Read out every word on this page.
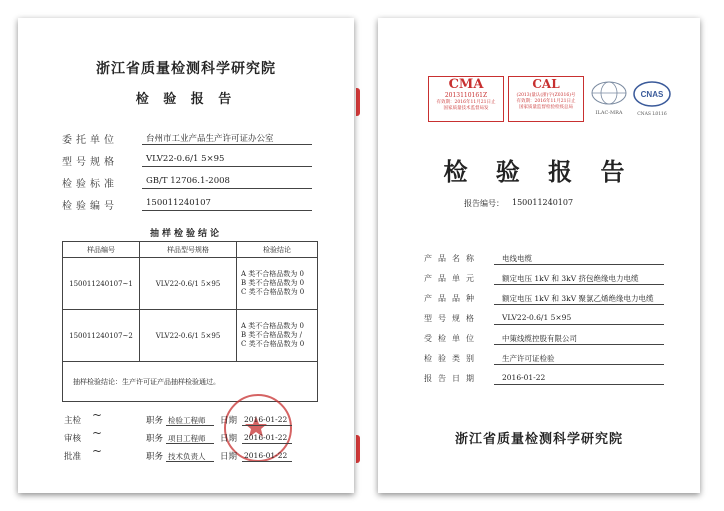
浙江省质量检测科学研究院
检 验 报 告
委托单位	台州市工业产品生产许可证办公室
型号规格	VLV22-0.6/1 5×95
检验标准	GB/T 12706.1-2008
检验编号	150011240107
抽样检验结论
样品编号	样品型号规格	检验结论
150011240107~1	VLV22-0.6/1 5×95	A 类不合格品数为 0
B 类不合格品数为 0
C 类不合格品数为 0

150011240107~2	VLV22-0.6/1 5×95	A 类不合格品数为 0
B 类不合格品数为 /
C 类不合格品数为 0

抽样检验结论：生产许可证产品抽样检验通过。		
主检 ~	职务 检验工程师 日期 2016-01-22
审核 ~	职务 项目工程师 日期 2016-01-22
批准 ~	职务 技术负责人 日期 2016-01-22
CMA
2013110161Z
有效期：2016年11月21日止
国家质量技术监督局发
CAL
(2013)量认(浙)字(Z0316)号
有效期：2016年11月21日止
国家质量监督检验检疫总局
ILAC-MRA
CNAS
CNAS L0116
检 验 报 告
报告编号： 150011240107
产品名称	电线电缆
产品单元	额定电压 1kV 和 3kV 挤包绝缘电力电缆
产品品种	额定电压 1kV 和 3kV 聚氯乙烯绝缘电力电缆
型号规格	VLV22-0.6/1 5×95
受检单位	中策线缆控股有限公司
检验类别	生产许可证检验
报告日期	2016-01-22
浙江省质量检测科学研究院
